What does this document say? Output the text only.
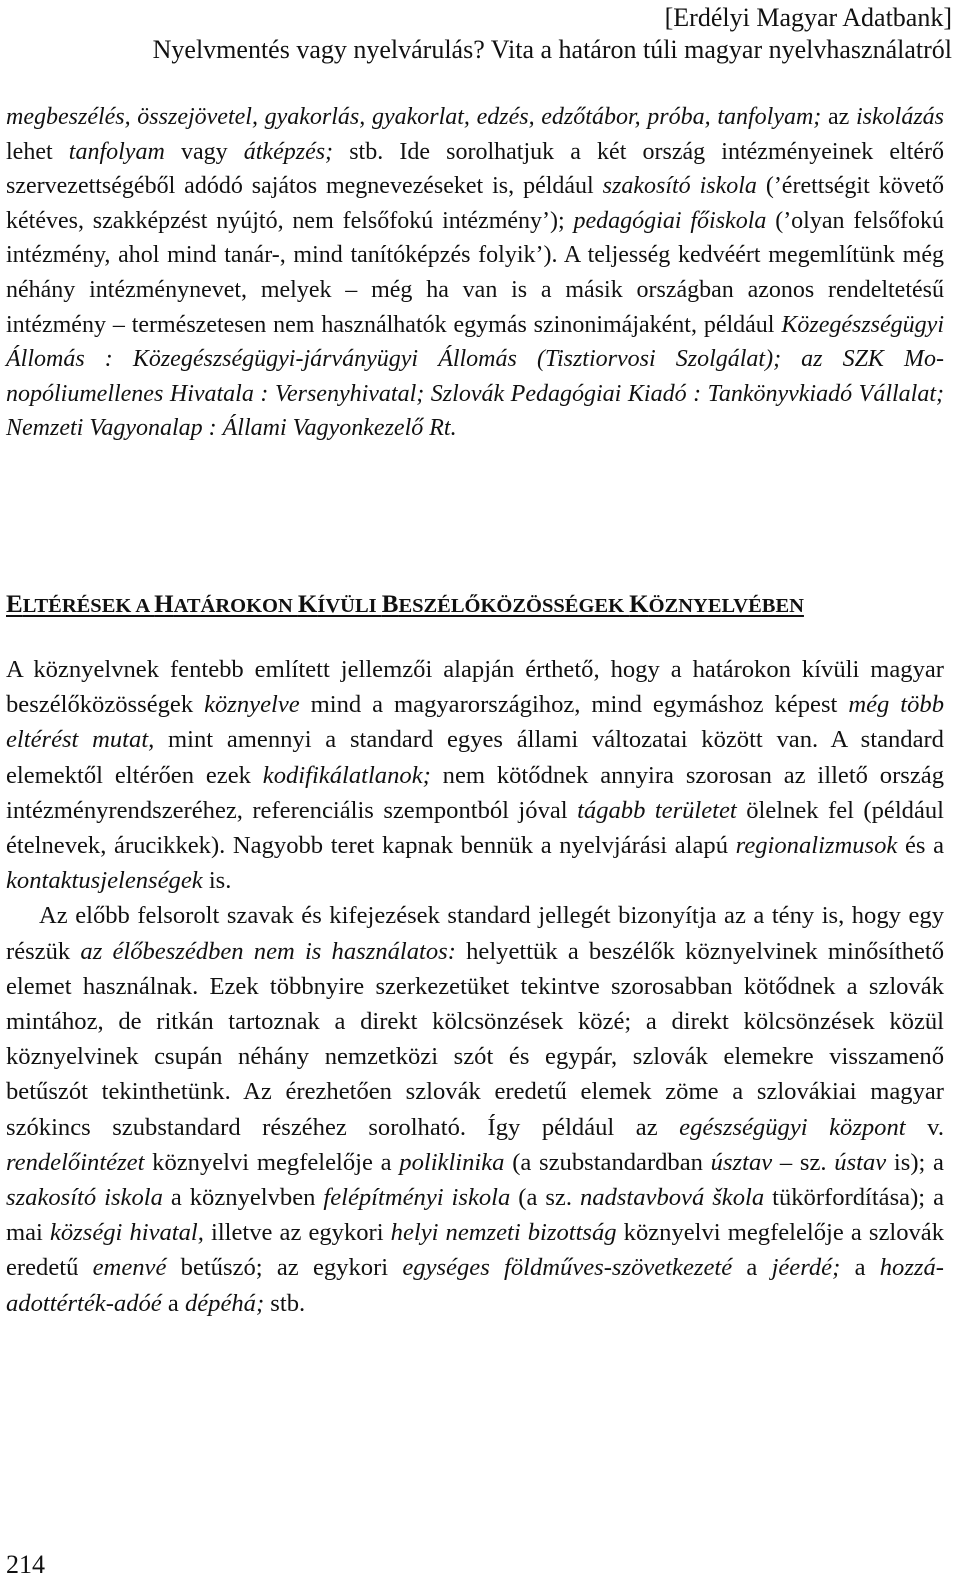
[Erdélyi Magyar Adatbank]
Nyelvmentés vagy nyelvárulás? Vita a határon túli magyar nyelvhasználatról

megbeszélés, összejövetel, gyakorlás, gyakorlat, edzés, edzőtábor, próba, tanfolyam; az iskolázás lehet tanfolyam vagy átképzés; stb. Ide sorolhatjuk a két ország intézményeinek eltérő szervezettségéből adódó sajátos megnevezéseket is, például szakosító iskola (’érettségit követő kétéves, szakképzést nyújtó, nem felsőfokú intézmény’); pedagógiai főiskola (’olyan felsőfokú intézmény, ahol mind tanár-, mind tanítóképzés folyik’). A teljesség kedvéért megemlítünk még néhány intézménynevet, melyek – még ha van is a másik országban azonos rendeltetésű intézmény – természetesen nem használhatók egymás szinonimájaként, például Közegészségügyi Állomás : Közegészségügyi-járványügyi Állomás (Tisztiorvosi Szolgálat); az SZK Monopóliumellenes Hivatala : Versenyhivatal; Szlovák Pedagógiai Kiadó : Tankönyvkiadó Vállalat; Nemzeti Vagyonalap : Állami Vagyonkezelő Rt.

ELTÉRÉSEK A HATÁROKON KÍVÜLI BESZÉLŐKÖZÖSSÉGEK KÖZNYELVÉBEN

A köznyelvnek fentebb említett jellemzői alapján érthető, hogy a határokon kívüli magyar beszélőközösségek köznyelve mind a magyarországihoz, mind egymáshoz képest még több eltérést mutat, mint amennyi a standard egyes állami változatai között van. A standard elemektől eltérően ezek kodifikálatlanok; nem kötődnek annyira szorosan az illető ország intézményrendszeréhez, referenciális szempontból jóval tágabb területet ölelnek fel (például ételnevek, árucikkek). Nagyobb teret kapnak bennük a nyelvjárási alapú regionalizmusok és a kontaktusjelenségek is.

Az előbb felsorolt szavak és kifejezések standard jellegét bizonyítja az a tény is, hogy egy részük az élőbeszédben nem is használatos: helyettük a beszélők köznyelvinek minősíthető elemet használnak. Ezek többnyire szerkezetüket tekintve szorosabban kötődnek a szlovák mintához, de ritkán tartoznak a direkt kölcsönzések közé; a direkt kölcsönzések közül köznyelvinek csupán néhány nemzetközi szót és egypár, szlovák elemekre visszamenő betűszót tekinthetünk. Az érezhetően szlovák eredetű elemek zöme a szlovákiai magyar szókincs szubstandard részéhez sorolható. Így például az egészségügyi központ v. rendelőintézet köznyelvi megfelelője a poliklinika (a szubstandardban úsztav – sz. ústav is); a szakosító iskola a köznyelvben felépítményi iskola (a sz. nadstavbová škola tükörfordítása); a mai községi hivatal, illetve az egykori helyi nemzeti bizottság köznyelvi megfelelője a szlovák eredetű emenvé betűszó; az egykori egységes földműves-szövetkezeté a jéerdé; a hozzáadottérték-adóé a dépéhá; stb.

214
